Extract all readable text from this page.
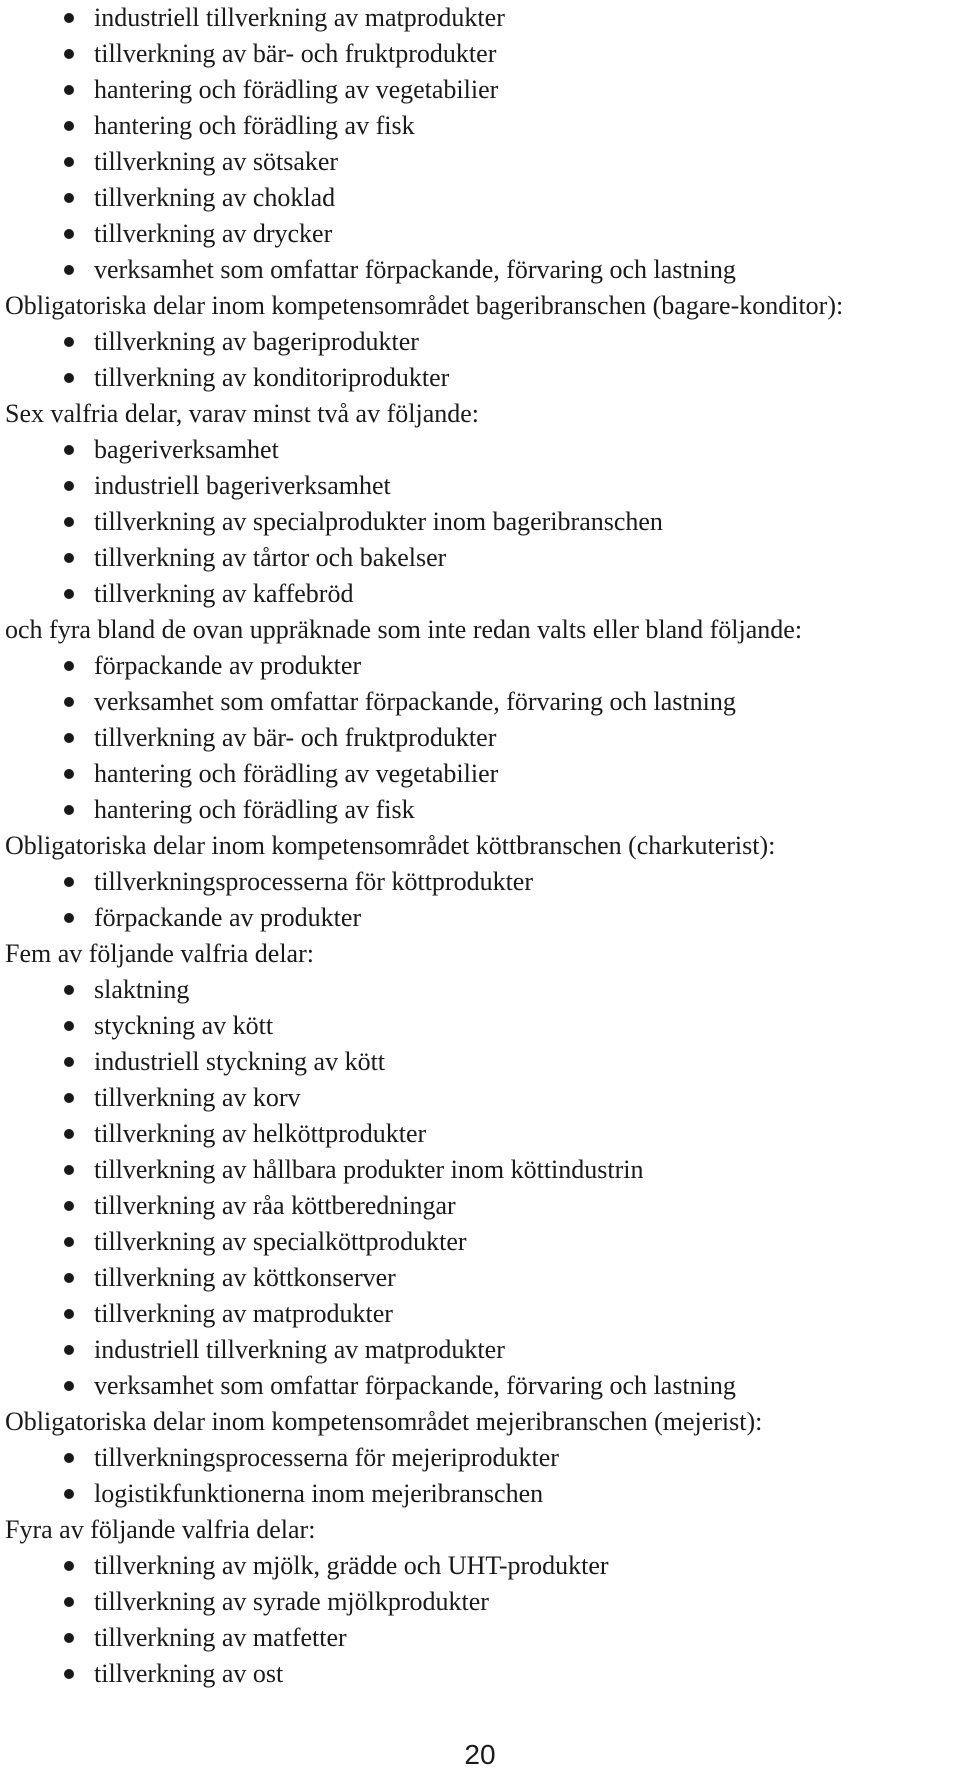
industriell tillverkning av matprodukter
tillverkning av bär- och fruktprodukter
hantering och förädling av vegetabilier
hantering och förädling av fisk
tillverkning av sötsaker
tillverkning av choklad
tillverkning av drycker
verksamhet som omfattar förpackande, förvaring och lastning
Obligatoriska delar inom kompetensområdet bageribranschen (bagare-konditor):
tillverkning av bageriprodukter
tillverkning av konditoriprodukter
Sex valfria delar, varav minst två av följande:
bageriverksamhet
industriell bageriverksamhet
tillverkning av specialprodukter inom bageribranschen
tillverkning av tårtor och bakelser
tillverkning av kaffebröd
och fyra bland de ovan uppräknade som inte redan valts eller bland följande:
förpackande av produkter
verksamhet som omfattar förpackande, förvaring och lastning
tillverkning av bär- och fruktprodukter
hantering och förädling av vegetabilier
hantering och förädling av fisk
Obligatoriska delar inom kompetensområdet köttbranschen (charkuterist):
tillverkningsprocesserna för köttprodukter
förpackande av produkter
Fem av följande valfria delar:
slaktning
styckning av kött
industriell styckning av kött
tillverkning av korv
tillverkning av helköttprodukter
tillverkning av hållbara produkter inom köttindustrin
tillverkning av råa köttberedningar
tillverkning av specialköttprodukter
tillverkning av köttkonserver
tillverkning av matprodukter
industriell tillverkning av matprodukter
verksamhet som omfattar förpackande, förvaring och lastning
Obligatoriska delar inom kompetensområdet mejeribranschen (mejerist):
tillverkningsprocesserna för mejeriprodukter
logistikfunktionerna inom mejeribranschen
Fyra av följande valfria delar:
tillverkning av mjölk, grädde och UHT-produkter
tillverkning av syrade mjölkprodukter
tillverkning av matfetter
tillverkning av ost
20
